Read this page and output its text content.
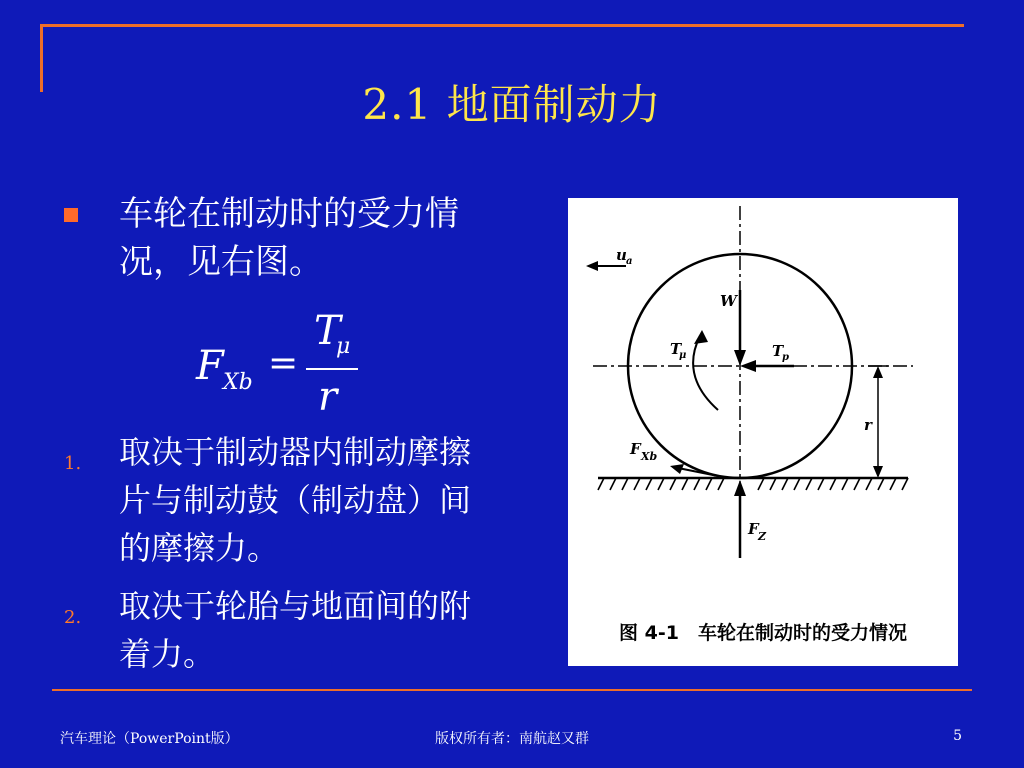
2.1 地面制动力
车轮在制动时的受力情况，见右图。
F Xb =
T
μ
r
1. 取决于制动器内制动摩擦片与制动鼓（制动盘）间的摩擦力。
2. 取决于轮胎与地面间的附着力。
u a
W
T
μ	T
p
r
F Xb
F Z
图 4-1　车轮在制动时的受力情况
汽车理论（PowerPoint版）	版权所有者：南航赵又群	5
